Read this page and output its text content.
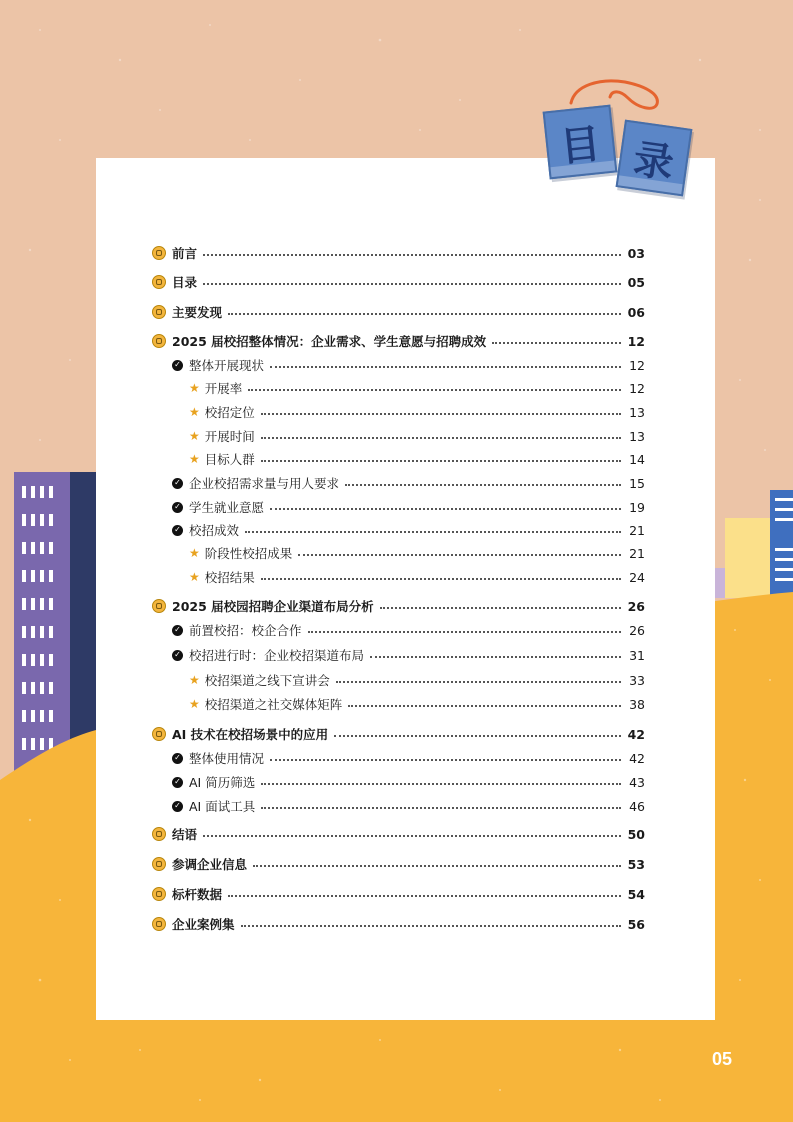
目 录
前言	03
目录	05
主要发现	06
2025 届校招整体情况：企业需求、学生意愿与招聘成效	12
✓ 整体开展现状	12
★ 开展率	12
★ 校招定位	13
★ 开展时间	13
★ 目标人群	14
✓ 企业校招需求量与用人要求	15
✓ 学生就业意愿	19
✓ 校招成效	21
★ 阶段性校招成果	21
★ 校招结果	24
2025 届校园招聘企业渠道布局分析	26
✓ 前置校招：校企合作	26
✓ 校招进行时：企业校招渠道布局	31
★ 校招渠道之线下宣讲会	33
★ 校招渠道之社交媒体矩阵	38
AI 技术在校招场景中的应用	42
✓ 整体使用情况	42
✓ AI 简历筛选	43
✓ AI 面试工具	46
结语	50
参调企业信息	53
标杆数据	54
企业案例集	56
05
